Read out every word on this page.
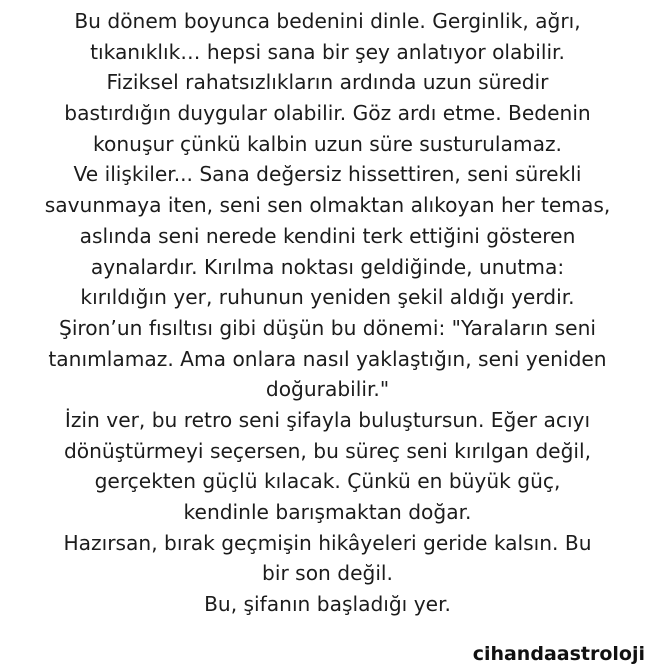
Bu dönem boyunca bedenini dinle. Gerginlik, ağrı,
tıkanıklık… hepsi sana bir şey anlatıyor olabilir.
Fiziksel rahatsızlıkların ardında uzun süredir
bastırdığın duygular olabilir. Göz ardı etme. Bedenin
konuşur çünkü kalbin uzun süre susturulamaz.
Ve ilişkiler... Sana değersiz hissettiren, seni sürekli
savunmaya iten, seni sen olmaktan alıkoyan her temas,
aslında seni nerede kendini terk ettiğini gösteren
aynalardır. Kırılma noktası geldiğinde, unutma:
kırıldığın yer, ruhunun yeniden şekil aldığı yerdir.
Şiron’un fısıltısı gibi düşün bu dönemi: "Yaraların seni
tanımlamaz. Ama onlara nasıl yaklaştığın, seni yeniden
doğurabilir."
İzin ver, bu retro seni şifayla buluştursun. Eğer acıyı
dönüştürmeyi seçersen, bu süreç seni kırılgan değil,
gerçekten güçlü kılacak. Çünkü en büyük güç,
kendinle barışmaktan doğar.
Hazırsan, bırak geçmişin hikâyeleri geride kalsın. Bu
bir son değil.
Bu, şifanın başladığı yer.
cihandaastroloji
